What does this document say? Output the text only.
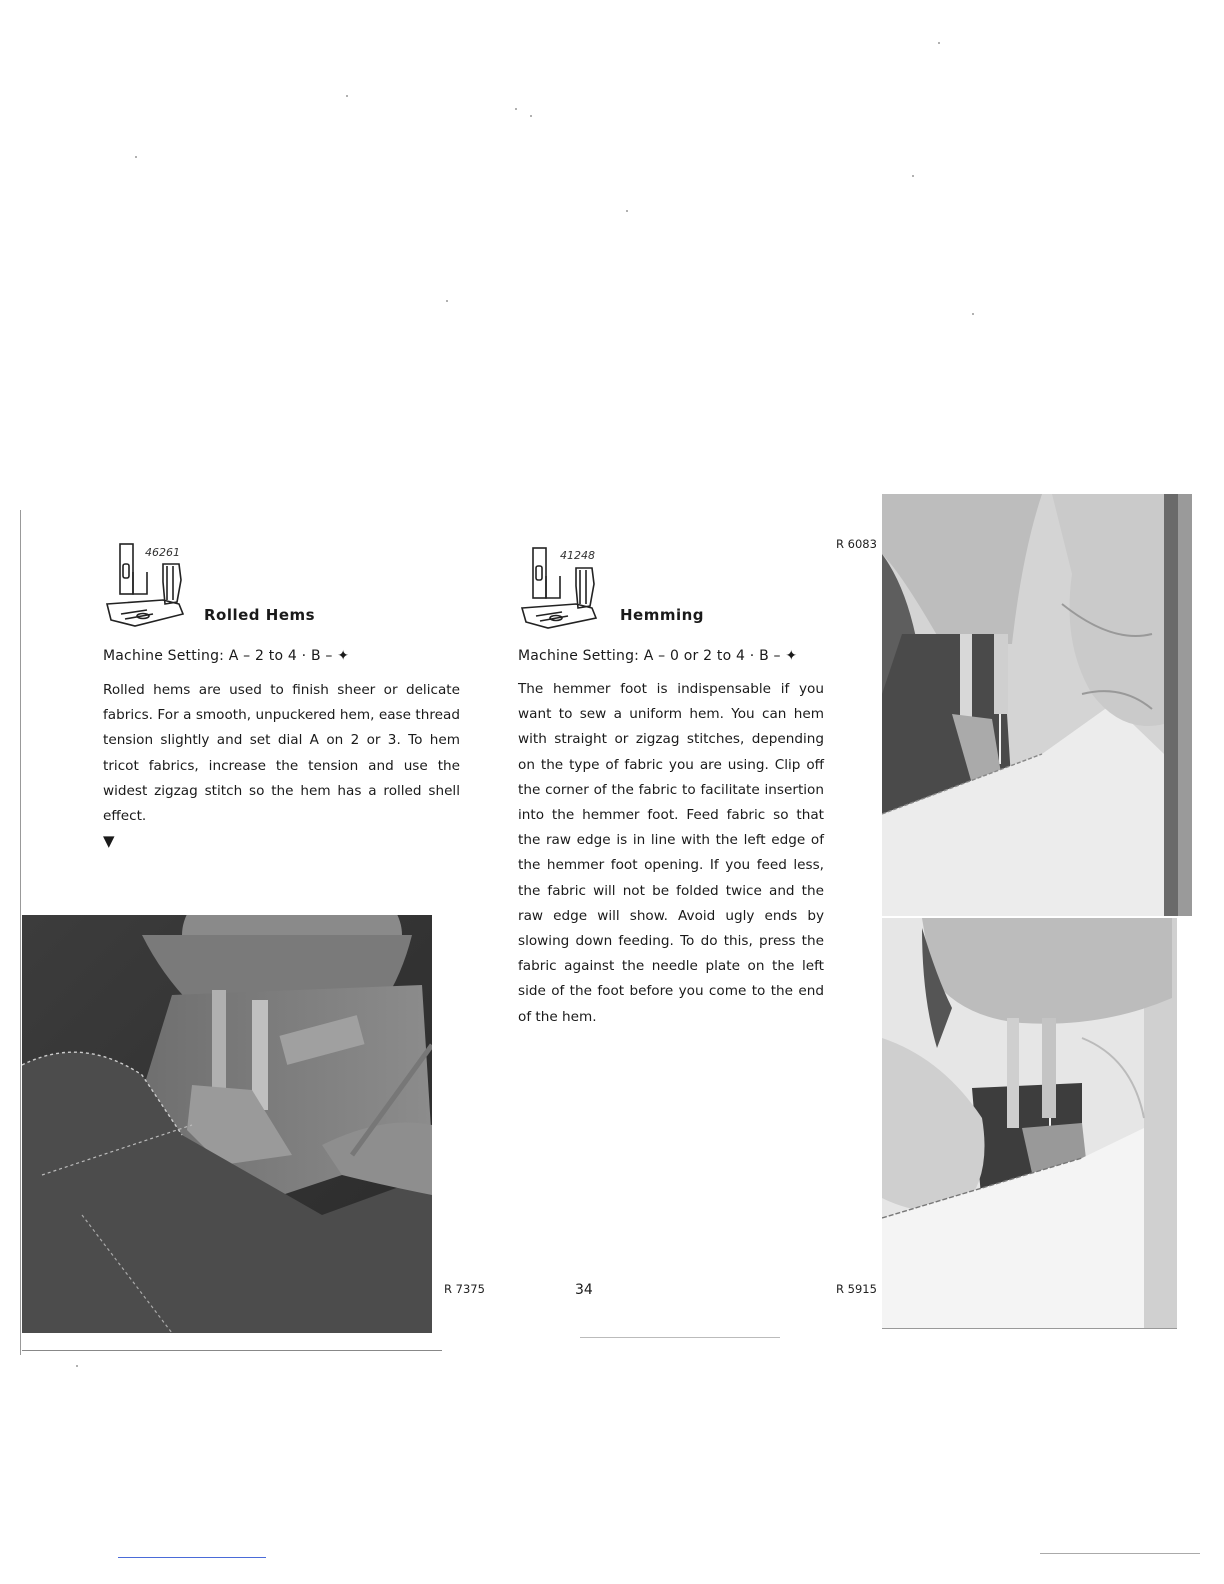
46261
Rolled Hems
Machine Setting: A – 2 to 4 · B – ✦

Rolled hems are used to finish sheer or delicate fabrics. For a smooth, unpuckered hem, ease thread tension slightly and set dial A on 2 or 3. To hem tricot fabrics, increase the tension and use the widest zigzag stitch so the hem has a rolled shell effect.

▼
R 7375
41248
Hemming
Machine Setting: A – 0 or 2 to 4 · B – ✦

The hemmer foot is indispensable if you want to sew a uniform hem. You can hem with straight or zigzag stitches, depending on the type of fabric you are using. Clip off the corner of the fabric to facilitate insertion into the hemmer foot. Feed fabric so that the raw edge is in line with the left edge of the hemmer foot opening. If you feed less, the fabric will not be folded twice and the raw edge will show. Avoid ugly ends by slowing down feeding. To do this, press the fabric against the needle plate on the left side of the foot before you come to the end of the hem.

34
R 6083
R 5915
